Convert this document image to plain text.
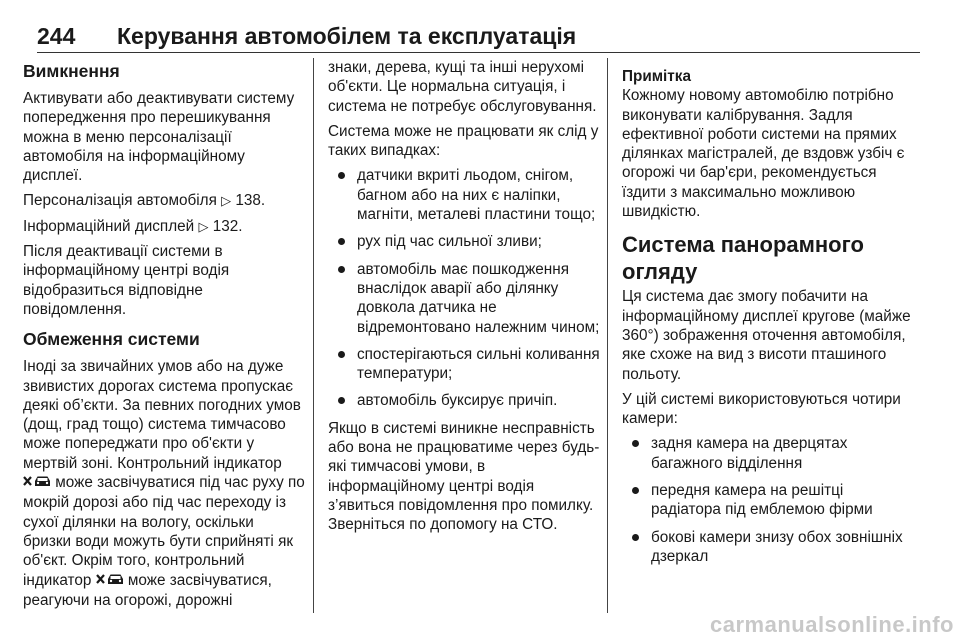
244 Керування автомобілем та експлуатація
Вимкнення

Активувати або деактивувати систему попередження про перешикування можна в меню персоналізації автомобіля на інформаційному дисплеї.

Персоналізація автомобіля ▷ 138.

Інформаційний дисплей ▷ 132.

Після деактивації системи в інформаційному центрі водія відобразиться відповідне повідомлення.

Обмеження системи

Іноді за звичайних умов або на дуже звивистих дорогах система пропускає деякі об’єкти. За певних погодних умов (дощ, град тощо) система тимчасово може попереджати про об'єкти у мертвій зоні. Контрольний індикатор  може засвічуватися під час руху по мокрій дорозі або під час переходу із сухої ділянки на вологу, оскільки бризки води можуть бути сприйняті як об'єкт. Окрім того, контрольний індикатор може засвічуватися, реагуючи на огорожі, дорожні

знаки, дерева, кущі та інші нерухомі об'єкти. Це нормальна ситуація, і система не потребує обслуговування.

Система може не працювати як слід у таких випадках:

датчики вкриті льодом, снігом, багном або на них є наліпки, магніти, металеві пластини тощо;
рух під час сильної зливи;
автомобіль має пошкодження внаслідок аварії або ділянку довкола датчика не відремонтовано належним чином;
спостерігаються сильні коливання температури;
автомобіль буксирує причіп.

Якщо в системі виникне несправність або вона не працюватиме через будь-які тимчасові умови, в інформаційному центрі водія з’явиться повідомлення про помилку. Зверніться по допомогу на СТО.

Примітка

Кожному новому автомобілю потрібно виконувати калібрування. Задля ефективної роботи системи на прямих ділянках магістралей, де вздовж узбіч є огорожі чи бар'єри, рекомендується їздити з максимально можливою швидкістю.

Система панорамного огляду

Ця система дає змогу побачити на інформаційному дисплеї кругове (майже 360°) зображення оточення автомобіля, яке схоже на вид з висоти пташиного польоту.

У цій системі використовуються чотири камери:

задня камера на дверцятах багажного відділення
передня камера на решітці радіатора під емблемою фірми
бокові камери знизу обох зовнішніх дзеркал
carmanualsonline.info
